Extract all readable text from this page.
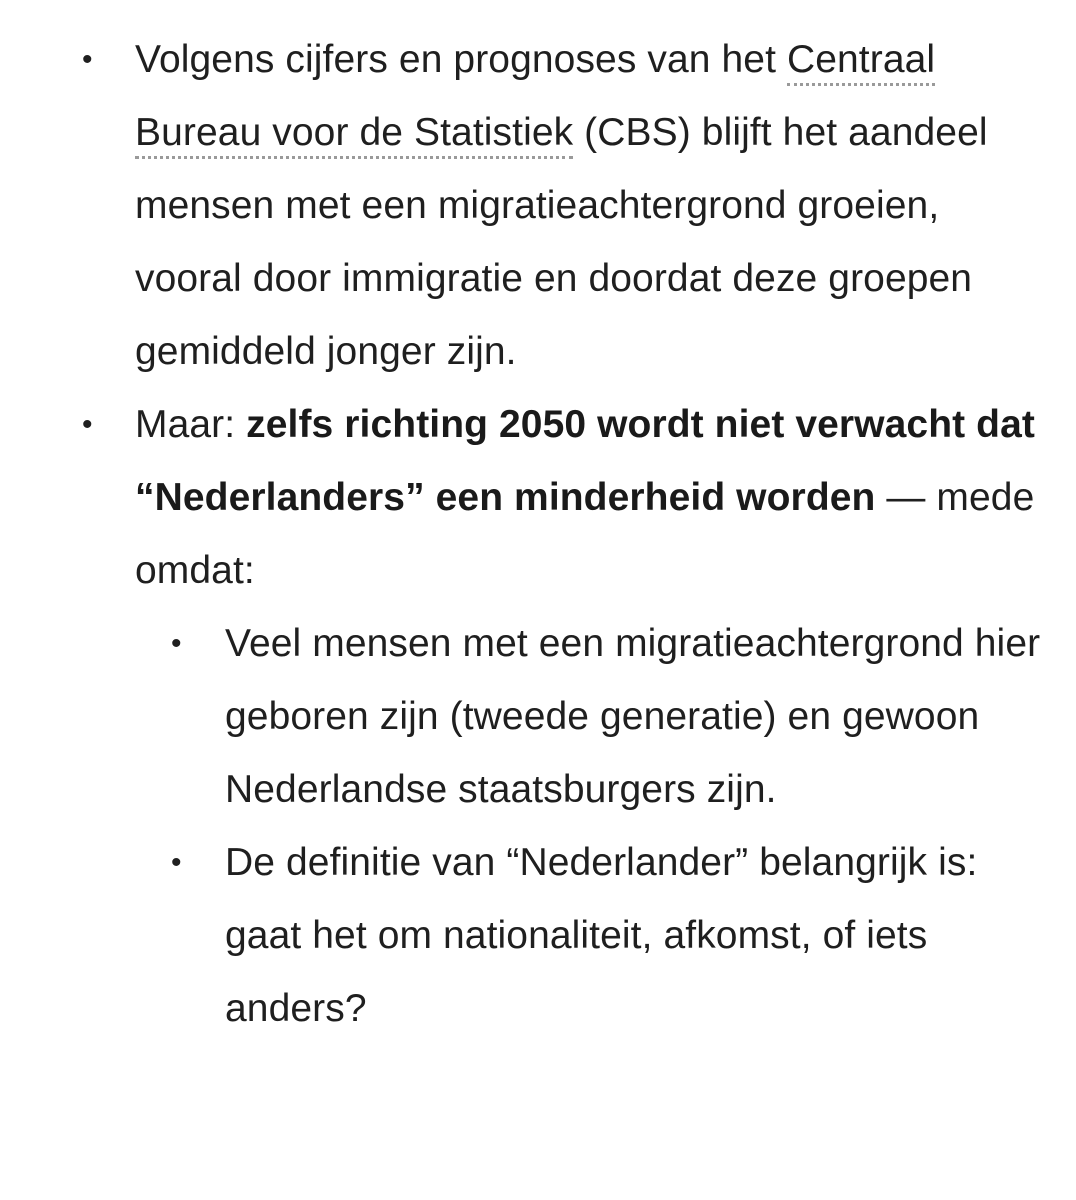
• Volgens cijfers en prognoses van het Centraal Bureau voor de Statistiek (CBS) blijft het aandeel mensen met een migratieachtergrond groeien, vooral door immigratie en doordat deze groepen gemiddeld jonger zijn.
• Maar: zelfs richting 2050 wordt niet verwacht dat “Nederlanders” een minderheid worden — mede omdat:
• Veel mensen met een migratieachtergrond hier geboren zijn (tweede generatie) en gewoon Nederlandse staatsburgers zijn.
• De definitie van “Nederlander” belangrijk is: gaat het om nationaliteit, afkomst, of iets anders?
